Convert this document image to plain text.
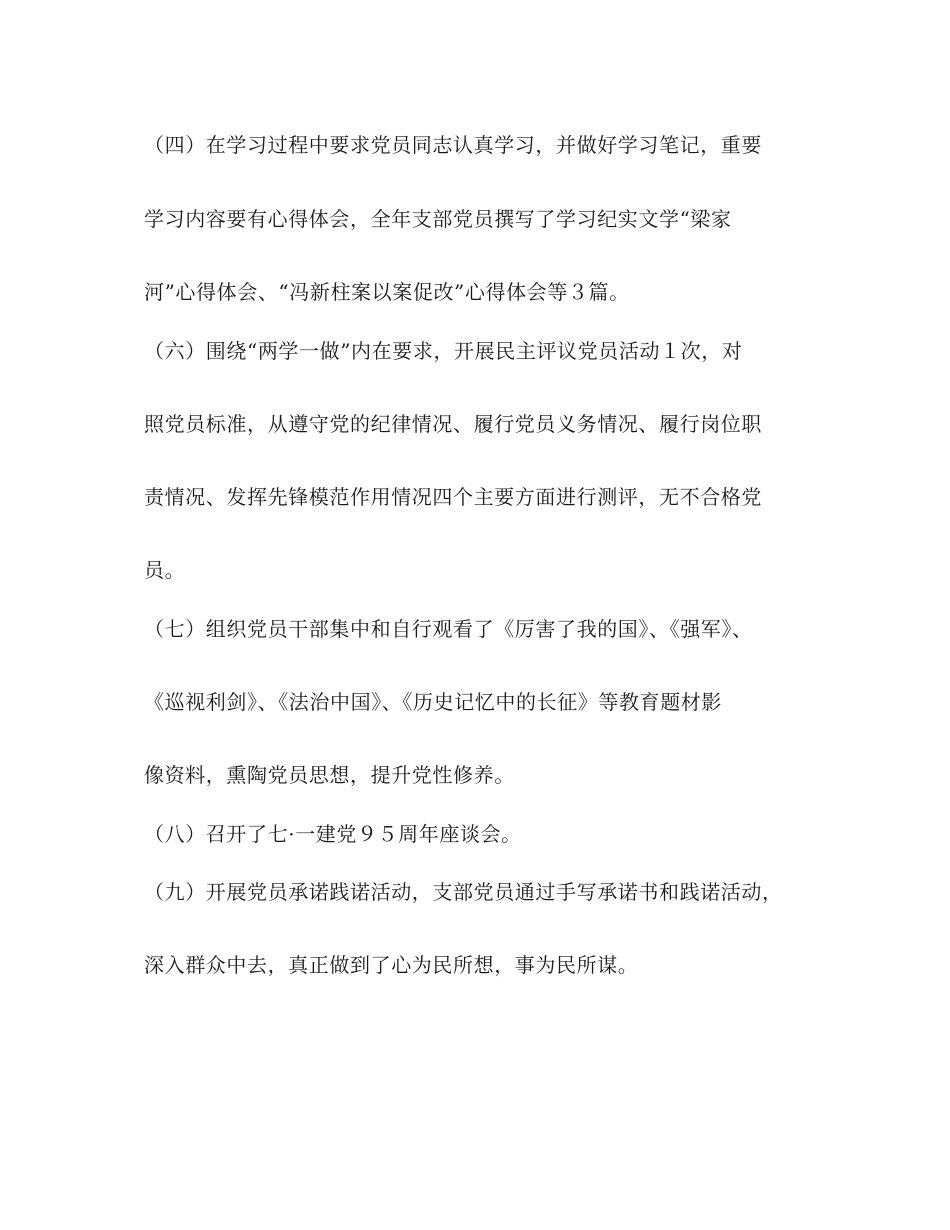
（四）在学习过程中要求党员同志认真学习，并做好学习笔记，重要
学习内容要有心得体会，全年支部党员撰写了学习纪实文学“梁家
河”心得体会、“冯新柱案以案促改”心得体会等３篇。
（六）围绕“两学一做”内在要求，开展民主评议党员活动１次，对
照党员标准，从遵守党的纪律情况、履行党员义务情况、履行岗位职
责情况、发挥先锋模范作用情况四个主要方面进行测评，无不合格党
员。
（七）组织党员干部集中和自行观看了《厉害了我的国》、《强军》、
《巡视利剑》、《法治中国》、《历史记忆中的长征》等教育题材影
像资料，熏陶党员思想，提升党性修养。
（八）召开了七·一建党９５周年座谈会。
（九）开展党员承诺践诺活动，支部党员通过手写承诺书和践诺活动，
深入群众中去，真正做到了心为民所想，事为民所谋。
